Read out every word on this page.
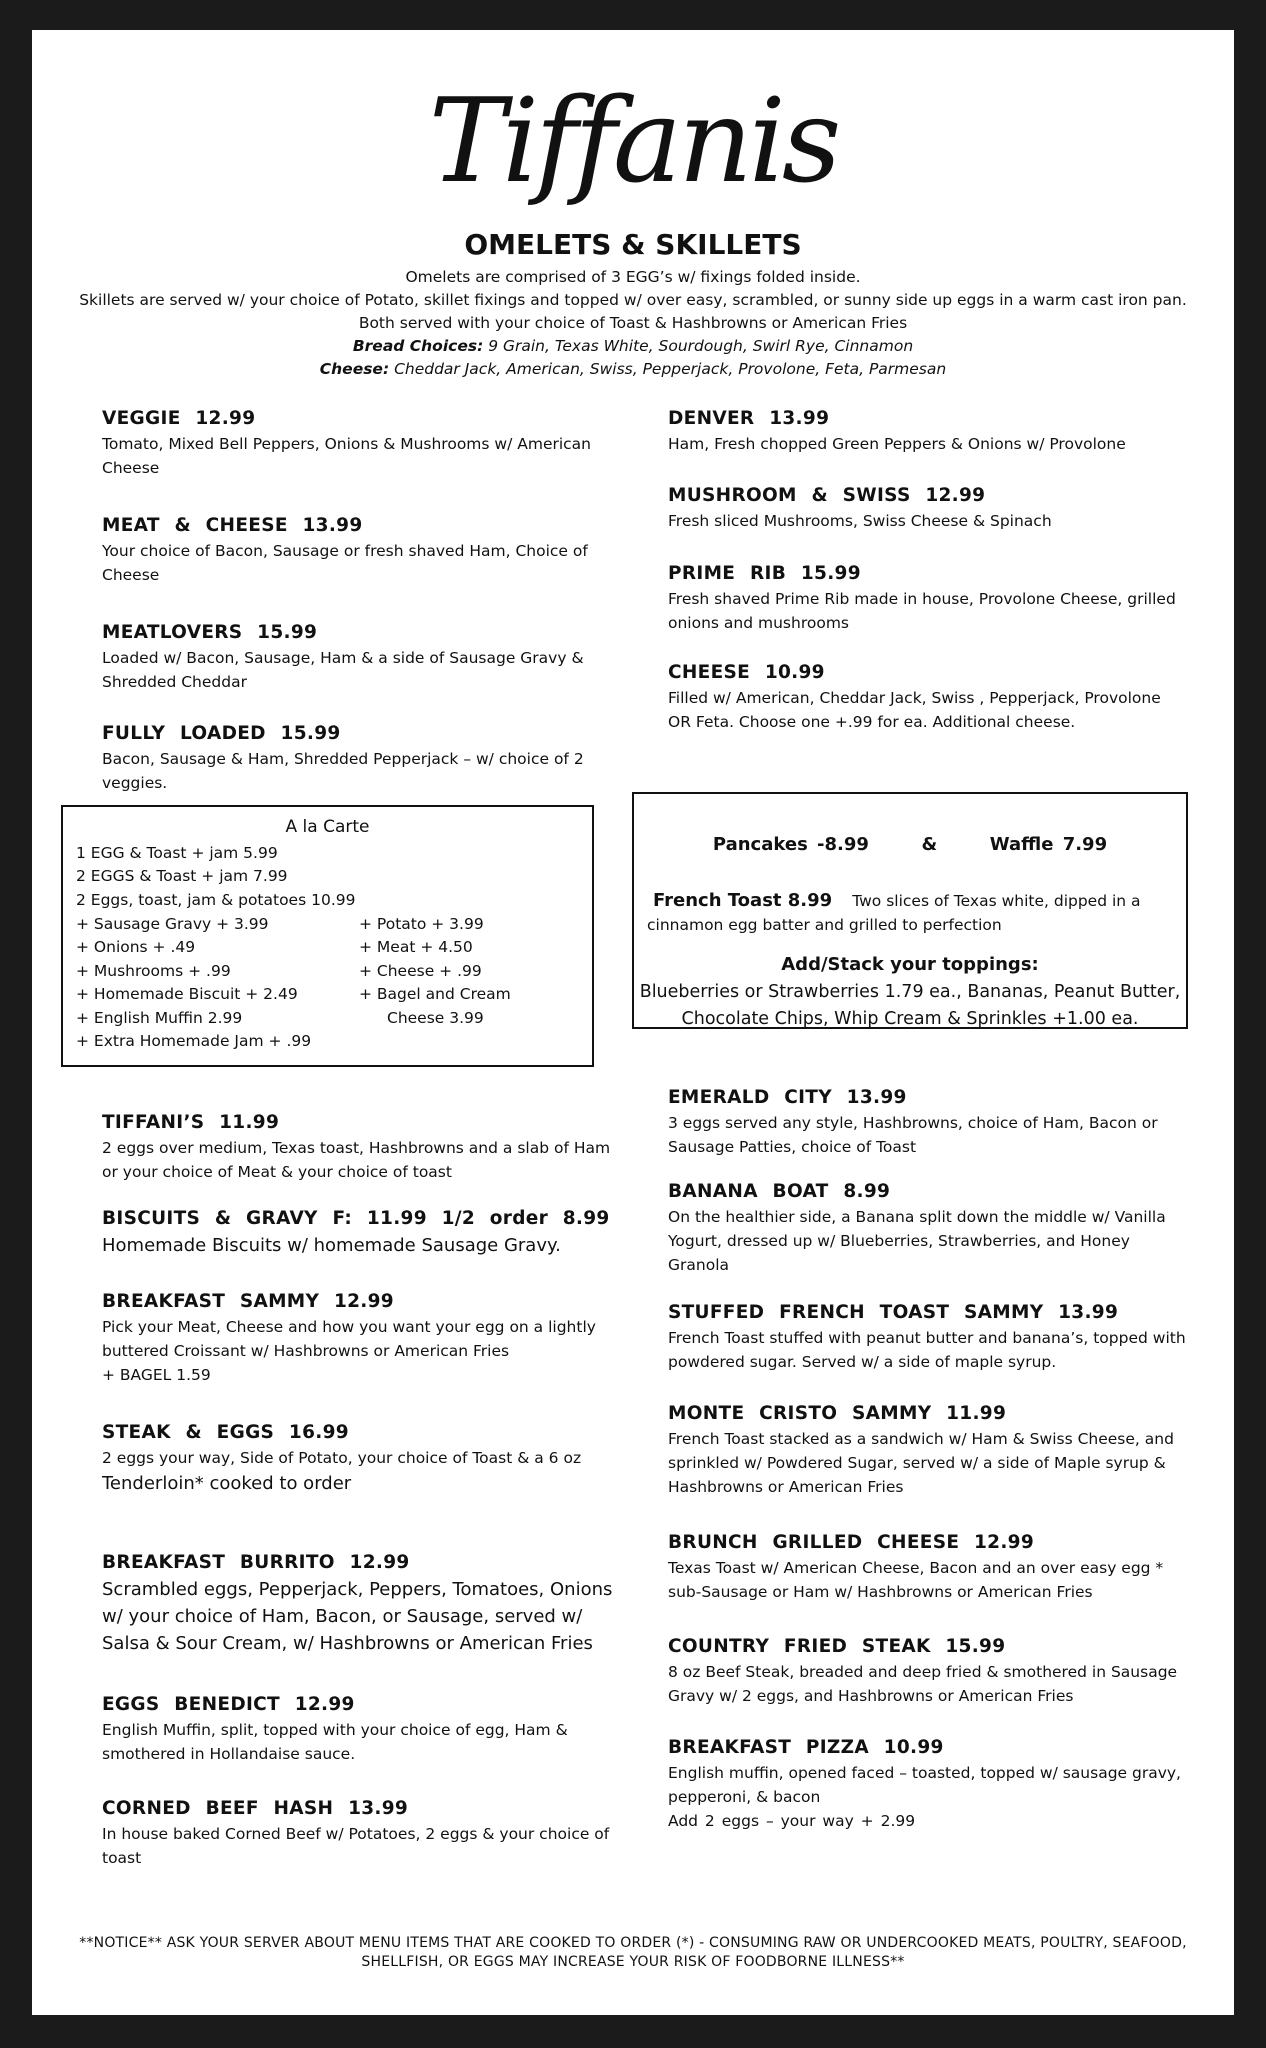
Tiffanis
OMELETS & SKILLETS
Omelets are comprised of 3 EGG’s w/ fixings folded inside.
Skillets are served w/ your choice of Potato, skillet fixings and topped w/ over easy, scrambled, or sunny side up eggs in a warm cast iron pan.
Both served with your choice of Toast & Hashbrowns or American Fries
Bread Choices: 9 Grain, Texas White, Sourdough, Swirl Rye, Cinnamon
Cheese: Cheddar Jack, American, Swiss, Pepperjack, Provolone, Feta, Parmesan
VEGGIE 12.99

Tomato, Mixed Bell Peppers, Onions & Mushrooms w/ American Cheese

MEAT & CHEESE 13.99

Your choice of Bacon, Sausage or fresh shaved Ham, Choice of Cheese

MEATLOVERS 15.99

Loaded w/ Bacon, Sausage, Ham & a side of Sausage Gravy & Shredded Cheddar

FULLY LOADED 15.99

Bacon, Sausage & Ham, Shredded Pepperjack – w/ choice of 2 veggies.

DENVER 13.99

Ham, Fresh chopped Green Peppers & Onions w/ Provolone

MUSHROOM & SWISS 12.99

Fresh sliced Mushrooms, Swiss Cheese & Spinach

PRIME RIB 15.99

Fresh shaved Prime Rib made in house, Provolone Cheese, grilled onions and mushrooms

CHEESE 10.99

Filled w/ American, Cheddar Jack, Swiss , Pepperjack, Provolone OR Feta. Choose one +.99 for ea. Additional cheese.

A la Carte
1 EGG & Toast + jam 5.99
2 EGGS & Toast + jam 7.99
2 Eggs, toast, jam & potatoes 10.99
+ Sausage Gravy + 3.99
+ Onions + .49
+ Mushrooms + .99
+ Homemade Biscuit + 2.49
+ English Muffin 2.99
+ Extra Homemade Jam + .99
+ Potato + 3.99
+ Meat + 4.50
+ Cheese + .99
+ Bagel and Cream
Cheese 3.99
Pancakes -8.99	&	Waffle 7.99
French Toast 8.99 Two slices of Texas white, dipped in a cinnamon egg batter and grilled to perfection
Add/Stack your toppings:
Blueberries or Strawberries 1.79 ea., Bananas, Peanut Butter,
Chocolate Chips, Whip Cream & Sprinkles +1.00 ea.
TIFFANI’S 11.99

2 eggs over medium, Texas toast, Hashbrowns and a slab of Ham or your choice of Meat & your choice of toast

BISCUITS & GRAVY F: 11.99 1/2 order 8.99

Homemade Biscuits w/ homemade Sausage Gravy.

BREAKFAST SAMMY 12.99

Pick your Meat, Cheese and how you want your egg on a lightly buttered Croissant w/ Hashbrowns or American Fries

+ BAGEL 1.59

STEAK & EGGS 16.99

2 eggs your way, Side of Potato, your choice of Toast & a 6 oz

Tenderloin* cooked to order

BREAKFAST BURRITO 12.99

Scrambled eggs, Pepperjack, Peppers, Tomatoes, Onions w/ your choice of Ham, Bacon, or Sausage, served w/ Salsa & Sour Cream, w/ Hashbrowns or American Fries

EGGS BENEDICT 12.99

English Muffin, split, topped with your choice of egg, Ham & smothered in Hollandaise sauce.

CORNED BEEF HASH 13.99

In house baked Corned Beef w/ Potatoes, 2 eggs & your choice of toast

EMERALD CITY 13.99

3 eggs served any style, Hashbrowns, choice of Ham, Bacon or Sausage Patties, choice of Toast

BANANA BOAT 8.99

On the healthier side, a Banana split down the middle w/ Vanilla Yogurt, dressed up w/ Blueberries, Strawberries, and Honey Granola

STUFFED FRENCH TOAST SAMMY 13.99

French Toast stuffed with peanut butter and banana’s, topped with powdered sugar. Served w/ a side of maple syrup.

MONTE CRISTO SAMMY 11.99

French Toast stacked as a sandwich w/ Ham & Swiss Cheese, and sprinkled w/ Powdered Sugar, served w/ a side of Maple syrup & Hashbrowns or American Fries

BRUNCH GRILLED CHEESE 12.99

Texas Toast w/ American Cheese, Bacon and an over easy egg * sub-Sausage or Ham w/ Hashbrowns or American Fries

COUNTRY FRIED STEAK 15.99

8 oz Beef Steak, breaded and deep fried & smothered in Sausage Gravy w/ 2 eggs, and Hashbrowns or American Fries

BREAKFAST PIZZA 10.99

English muffin, opened faced – toasted, topped w/ sausage gravy, pepperoni, & bacon

Add 2 eggs – your way + 2.99

**NOTICE** ASK YOUR SERVER ABOUT MENU ITEMS THAT ARE COOKED TO ORDER (*) - CONSUMING RAW OR UNDERCOOKED MEATS, POULTRY, SEAFOOD, SHELLFISH, OR EGGS MAY INCREASE YOUR RISK OF FOODBORNE ILLNESS**
